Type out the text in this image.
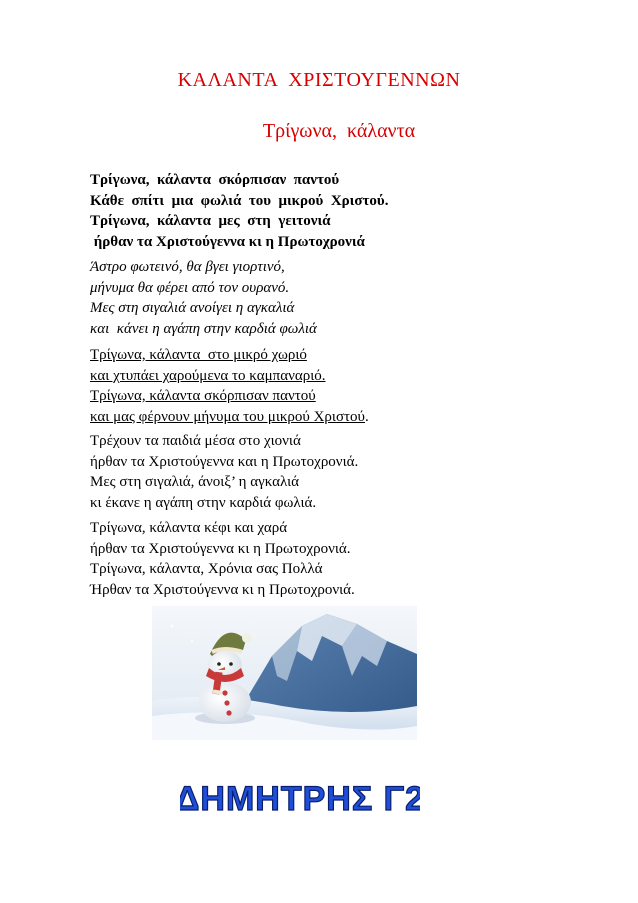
ΚΑΛΑΝΤΑ  ΧΡΙΣΤΟΥΓΕΝΝΩΝ
Τρίγωνα,  κάλαντα
Τρίγωνα,  κάλαντα  σκόρπισαν  παντού
Κάθε  σπίτι  μια  φωλιά  του  μικρού  Χριστού.
Τρίγωνα,  κάλαντα  μες  στη  γειτονιά
ήρθαν τα Χριστούγεννα κι η Πρωτοχρονιά
Άστρο φωτεινό, θα βγει γιορτινό,
μήνυμα θα φέρει από τον ουρανό.
Μες στη σιγαλιά ανοίγει η αγκαλιά
και  κάνει η αγάπη στην καρδιά φωλιά
Τρίγωνα, κάλαντα  στο μικρό χωριό
και χτυπάει χαρούμενα το καμπαναριό.
Τρίγωνα, κάλαντα σκόρπισαν παντού
και μας φέρνουν μήνυμα του μικρού Χριστού.
Τρέχουν τα παιδιά μέσα στο χιονιά
ήρθαν τα Χριστούγεννα και η Πρωτοχρονιά.
Μες στη σιγαλιά, άνοιξ’ η αγκαλιά
κι έκανε η αγάπη στην καρδιά φωλιά.
Τρίγωνα, κάλαντα κέφι και χαρά
ήρθαν τα Χριστούγεννα κι η Πρωτοχρονιά.
Τρίγωνα, κάλαντα, Χρόνια σας Πολλά
Ήρθαν τα Χριστούγεννα κι η Πρωτοχρονιά.
ΔΗΜΗΤΡΗΣ Γ2
